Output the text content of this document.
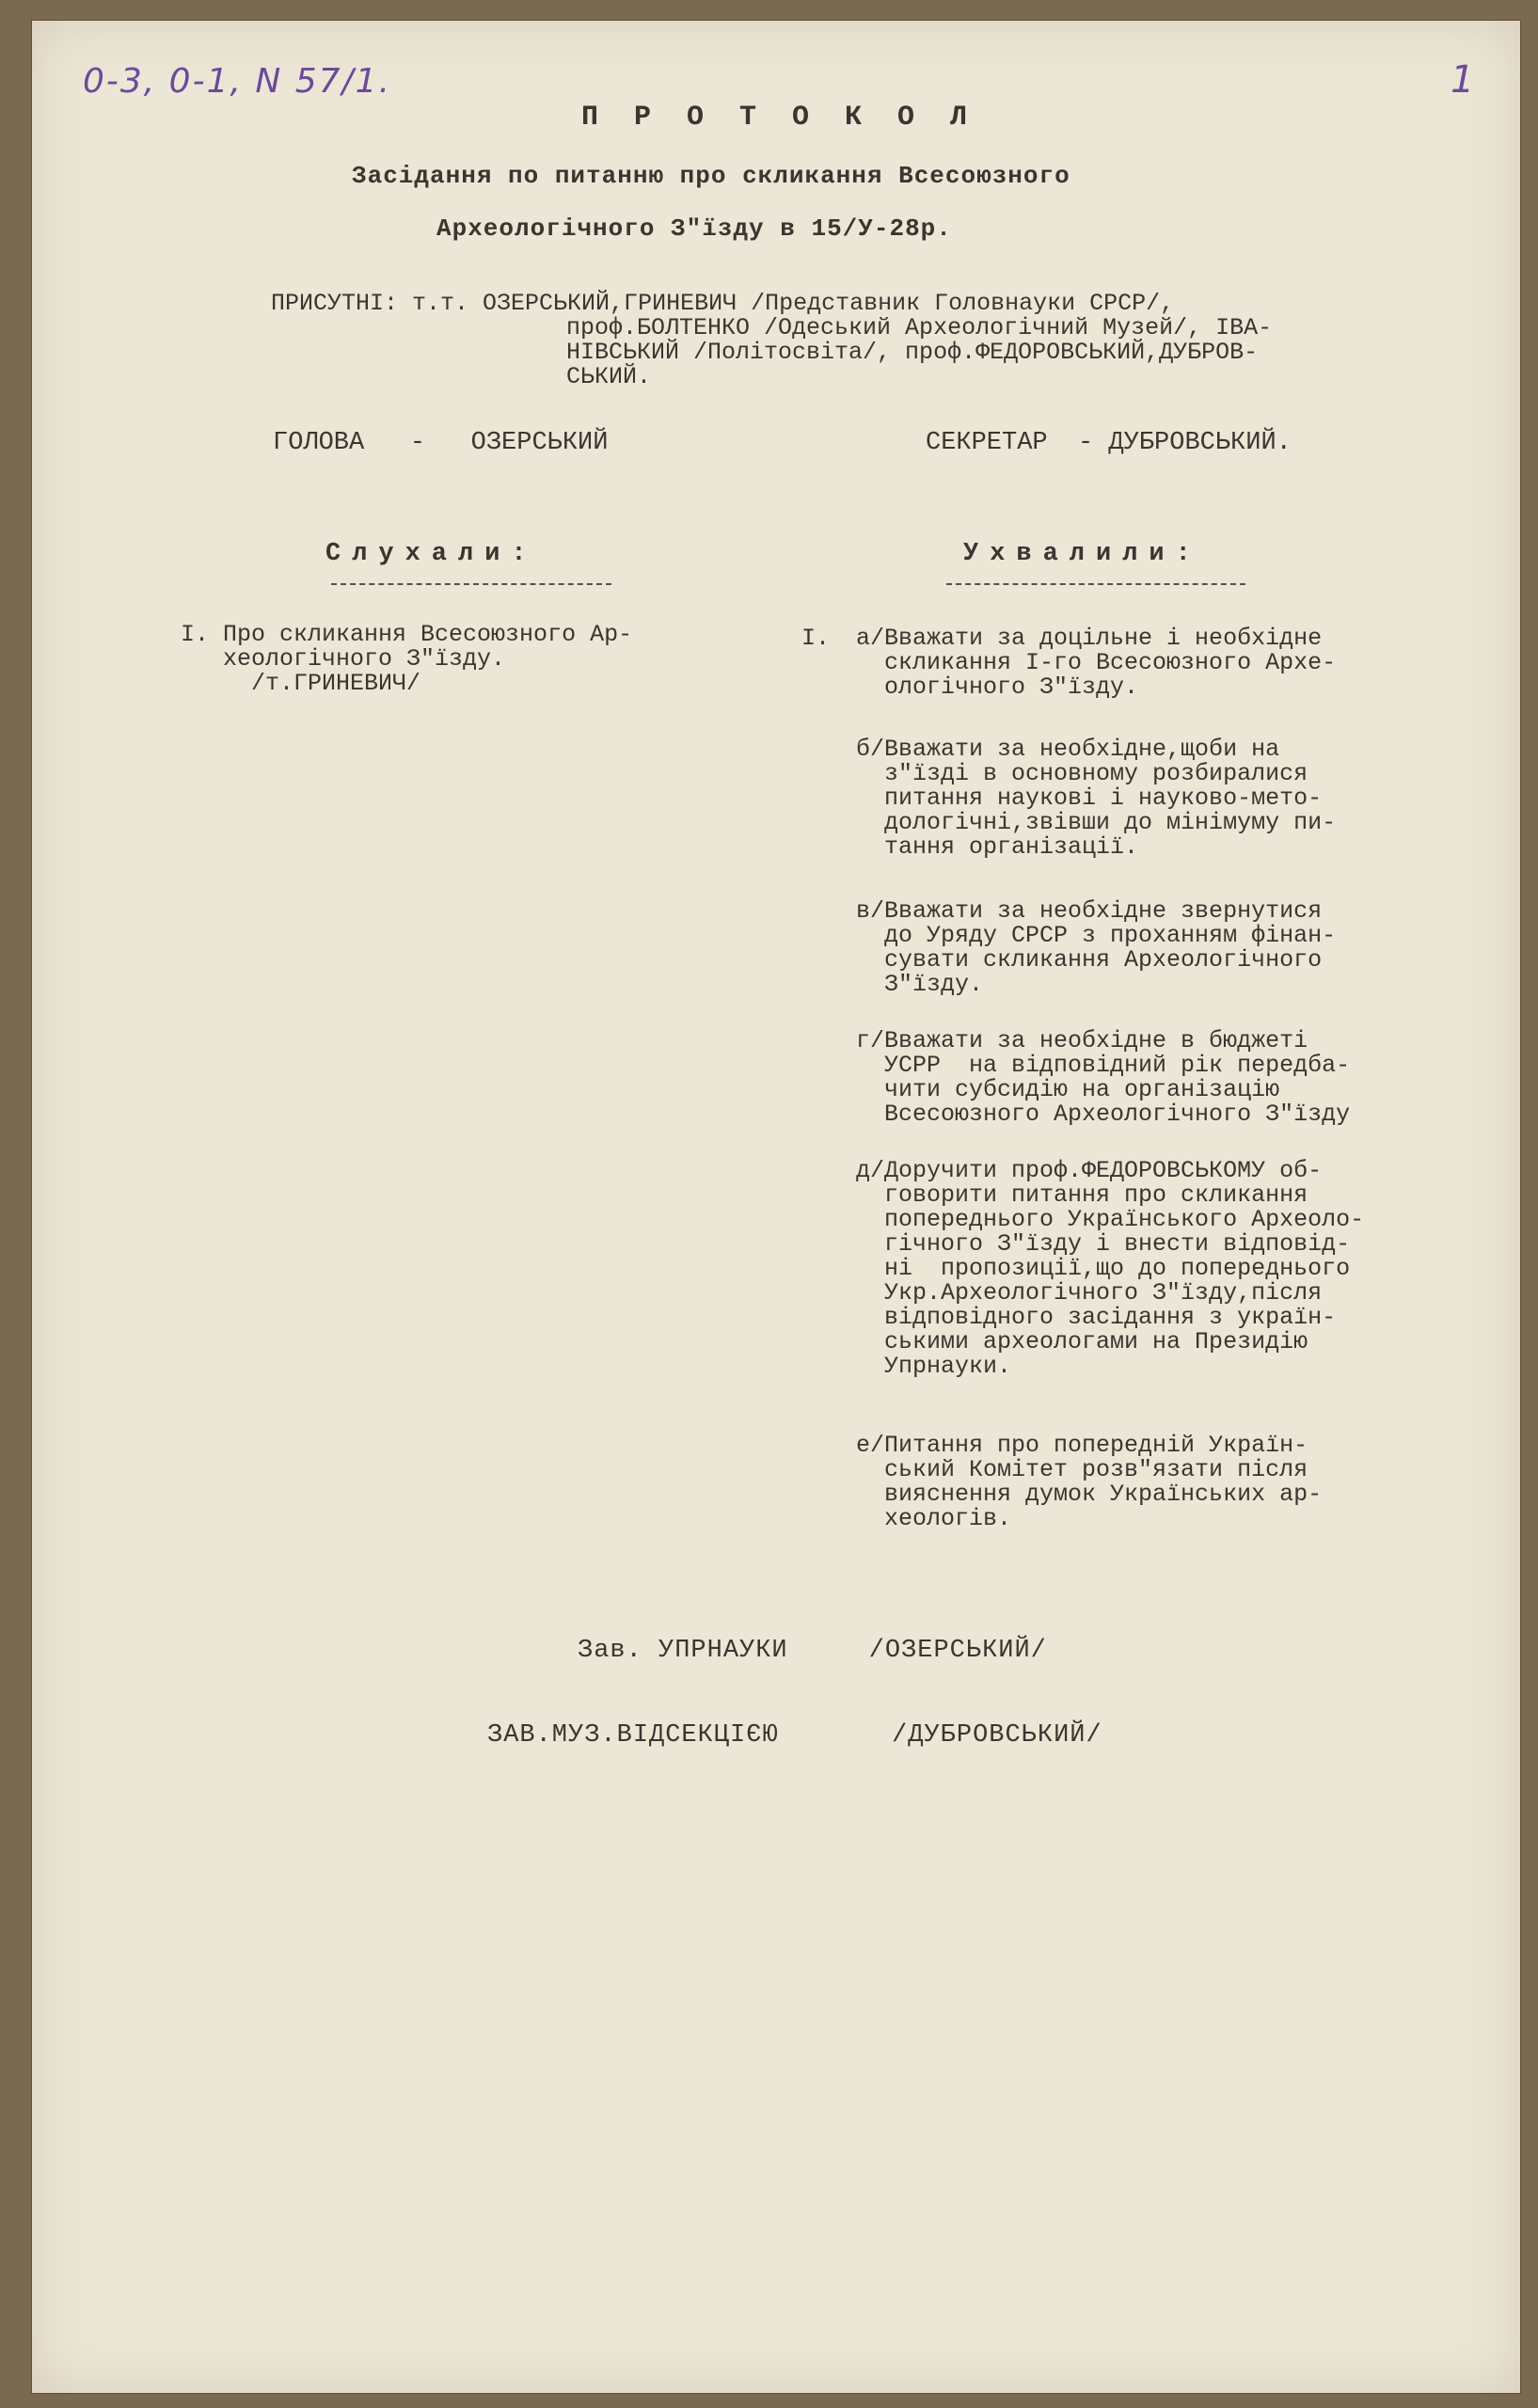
0-3, 0-1, N 57/1.	1
П Р О Т О К О Л
Засідання по питанню про скликання Всесоюзного
Археологічного З"їзду в 15/У-28р.
ПРИСУТНІ: т.т. ОЗЕРСЬКИЙ,ГРИНЕВИЧ /Представник Головнауки СРСР/,
проф.БОЛТЕНКО /Одеський Археологічний Музей/, ІВА-
НІВСЬКИЙ /Політосвіта/, проф.ФЕДОРОВСЬКИЙ,ДУБРОВ-
СЬКИЙ.
ГОЛОВА   -   ОЗЕРСЬКИЙ	СЕКРЕТАР  - ДУБРОВСЬКИЙ.
Слухали:	Ухвалили:
І. Про скликання Всесоюзного Ар-
хеологічного З"їзду.
/т.ГРИНЕВИЧ/
І. а/Вважати за доцільне і необхідне
скликання І-го Всесоюзного Архе-
ологічного З"їзду.
б/Вважати за необхідне,щоби на
з"їзді в основному розбиралися
питання наукові і науково-мето-
дологічні,звівши до мінімуму пи-
тання організації.
в/Вважати за необхідне звернутися
до Уряду СРСР з проханням фінан-
сувати скликання Археологічного
З"їзду.
г/Вважати за необхідне в бюджеті
УСРР  на відповідний рік передба-
чити субсидію на організацію
Всесоюзного Археологічного З"їзду
д/Доручити проф.ФЕДОРОВСЬКОМУ об-
говорити питання про скликання
попереднього Українського Археоло-
гічного З"їзду і внести відповід-
ні  пропозиції,що до попереднього
Укр.Археологічного З"їзду,після
відповідного засідання з україн-
ськими археологами на Президію
Упрнауки.
е/Питання про попередній Україн-
ський Комітет розв"язати після
вияснення думок Українських ар-
хеологів.
Зав. УПРНАУКИ     /ОЗЕРСЬКИЙ/
ЗАВ.МУЗ.ВІДСЕКЦІЄЮ       /ДУБРОВСЬКИЙ/
